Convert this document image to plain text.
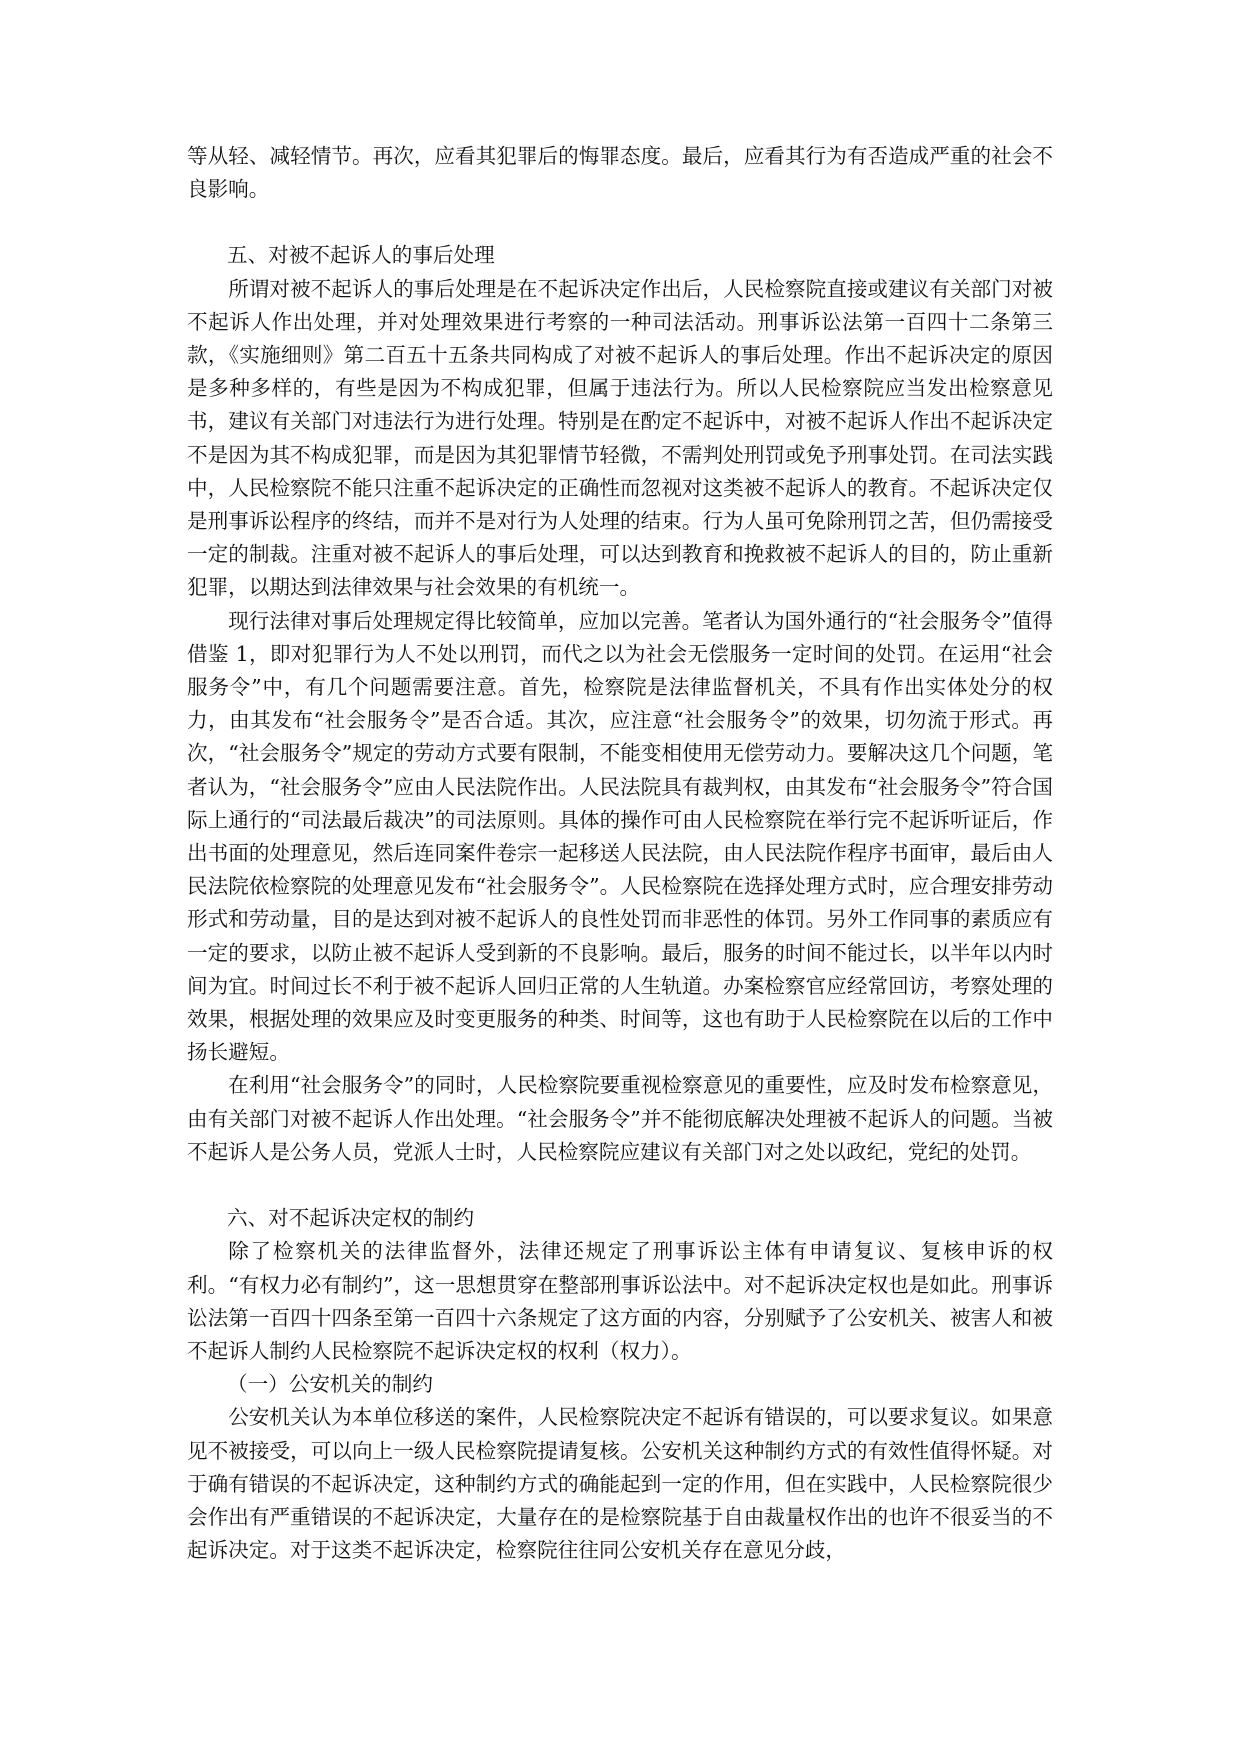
等从轻、减轻情节。再次，应看其犯罪后的悔罪态度。最后，应看其行为有否造成严重的社会不良影响。

五、对被不起诉人的事后处理

所谓对被不起诉人的事后处理是在不起诉决定作出后，人民检察院直接或建议有关部门对被不起诉人作出处理，并对处理效果进行考察的一种司法活动。刑事诉讼法第一百四十二条第三款，《实施细则》第二百五十五条共同构成了对被不起诉人的事后处理。作出不起诉决定的原因是多种多样的，有些是因为不构成犯罪，但属于违法行为。所以人民检察院应当发出检察意见书，建议有关部门对违法行为进行处理。特别是在酌定不起诉中，对被不起诉人作出不起诉决定不是因为其不构成犯罪，而是因为其犯罪情节轻微，不需判处刑罚或免予刑事处罚。在司法实践中，人民检察院不能只注重不起诉决定的正确性而忽视对这类被不起诉人的教育。不起诉决定仅是刑事诉讼程序的终结，而并不是对行为人处理的结束。行为人虽可免除刑罚之苦，但仍需接受一定的制裁。注重对被不起诉人的事后处理，可以达到教育和挽救被不起诉人的目的，防止重新犯罪，以期达到法律效果与社会效果的有机统一。

现行法律对事后处理规定得比较简单，应加以完善。笔者认为国外通行的“社会服务令”值得借鉴 1，即对犯罪行为人不处以刑罚，而代之以为社会无偿服务一定时间的处罚。在运用“社会服务令”中，有几个问题需要注意。首先，检察院是法律监督机关，不具有作出实体处分的权力，由其发布“社会服务令”是否合适。其次，应注意“社会服务令”的效果，切勿流于形式。再次，“社会服务令”规定的劳动方式要有限制，不能变相使用无偿劳动力。要解决这几个问题，笔者认为，“社会服务令”应由人民法院作出。人民法院具有裁判权，由其发布“社会服务令”符合国际上通行的“司法最后裁决”的司法原则。具体的操作可由人民检察院在举行完不起诉听证后，作出书面的处理意见，然后连同案件卷宗一起移送人民法院，由人民法院作程序书面审，最后由人民法院依检察院的处理意见发布“社会服务令”。人民检察院在选择处理方式时，应合理安排劳动形式和劳动量，目的是达到对被不起诉人的良性处罚而非恶性的体罚。另外工作同事的素质应有一定的要求，以防止被不起诉人受到新的不良影响。最后，服务的时间不能过长，以半年以内时间为宜。时间过长不利于被不起诉人回归正常的人生轨道。办案检察官应经常回访，考察处理的效果，根据处理的效果应及时变更服务的种类、时间等，这也有助于人民检察院在以后的工作中扬长避短。

在利用“社会服务令”的同时，人民检察院要重视检察意见的重要性，应及时发布检察意见，由有关部门对被不起诉人作出处理。“社会服务令”并不能彻底解决处理被不起诉人的问题。当被不起诉人是公务人员，党派人士时，人民检察院应建议有关部门对之处以政纪，党纪的处罚。

六、对不起诉决定权的制约

除了检察机关的法律监督外，法律还规定了刑事诉讼主体有申请复议、复核申诉的权利。“有权力必有制约”，这一思想贯穿在整部刑事诉讼法中。对不起诉决定权也是如此。刑事诉讼法第一百四十四条至第一百四十六条规定了这方面的内容，分别赋予了公安机关、被害人和被不起诉人制约人民检察院不起诉决定权的权利（权力）。

（一）公安机关的制约

公安机关认为本单位移送的案件，人民检察院决定不起诉有错误的，可以要求复议。如果意见不被接受，可以向上一级人民检察院提请复核。公安机关这种制约方式的有效性值得怀疑。对于确有错误的不起诉决定，这种制约方式的确能起到一定的作用，但在实践中，人民检察院很少会作出有严重错误的不起诉决定，大量存在的是检察院基于自由裁量权作出的也许不很妥当的不起诉决定。对于这类不起诉决定，检察院往往同公安机关存在意见分歧，
